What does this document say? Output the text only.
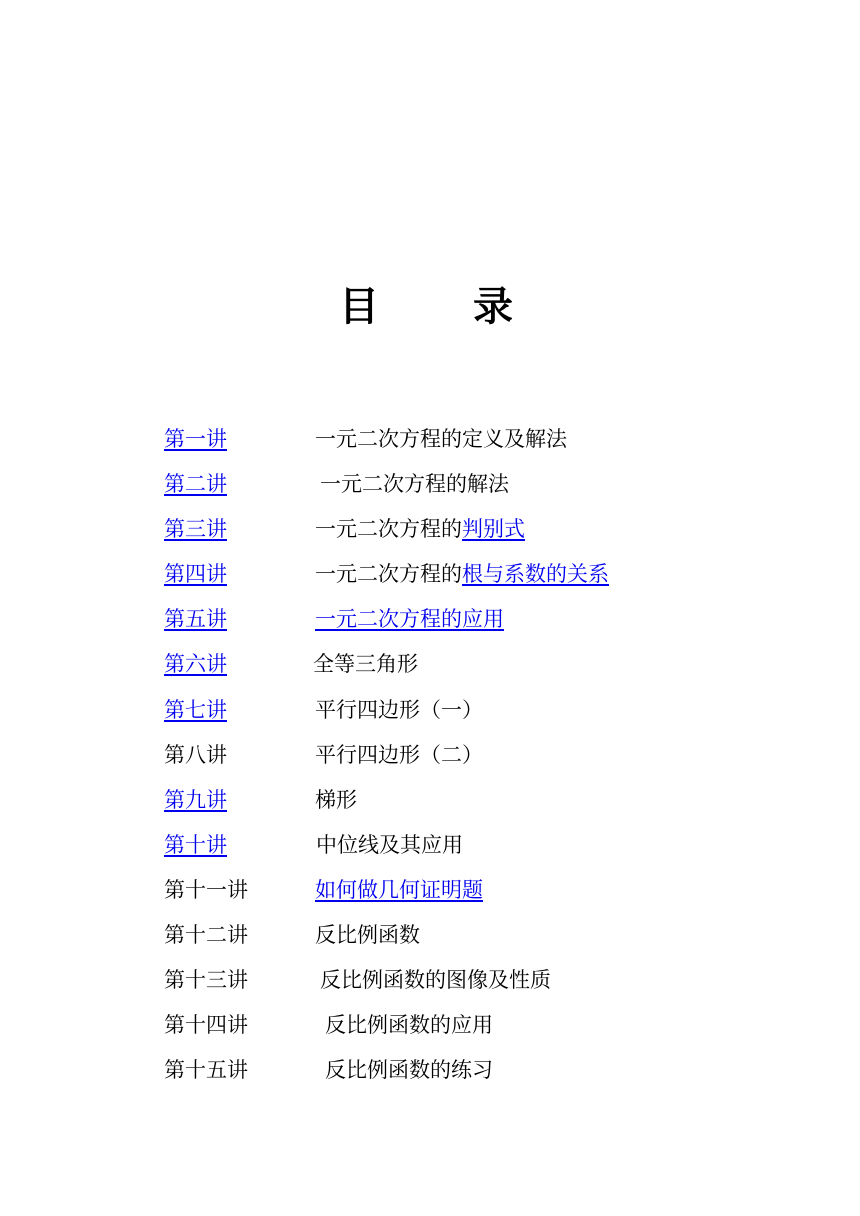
目 录
第一讲	一元二次方程的定义及解法
第二讲	一元二次方程的解法
第三讲	一元二次方程的判别式
第四讲	一元二次方程的根与系数的关系
第五讲	一元二次方程的应用
第六讲	全等三角形
第七讲	平行四边形（一）
第八讲	平行四边形（二）
第九讲	梯形
第十讲	中位线及其应用
第十一讲	如何做几何证明题
第十二讲	反比例函数
第十三讲	反比例函数的图像及性质
第十四讲	反比例函数的应用
第十五讲	反比例函数的练习
